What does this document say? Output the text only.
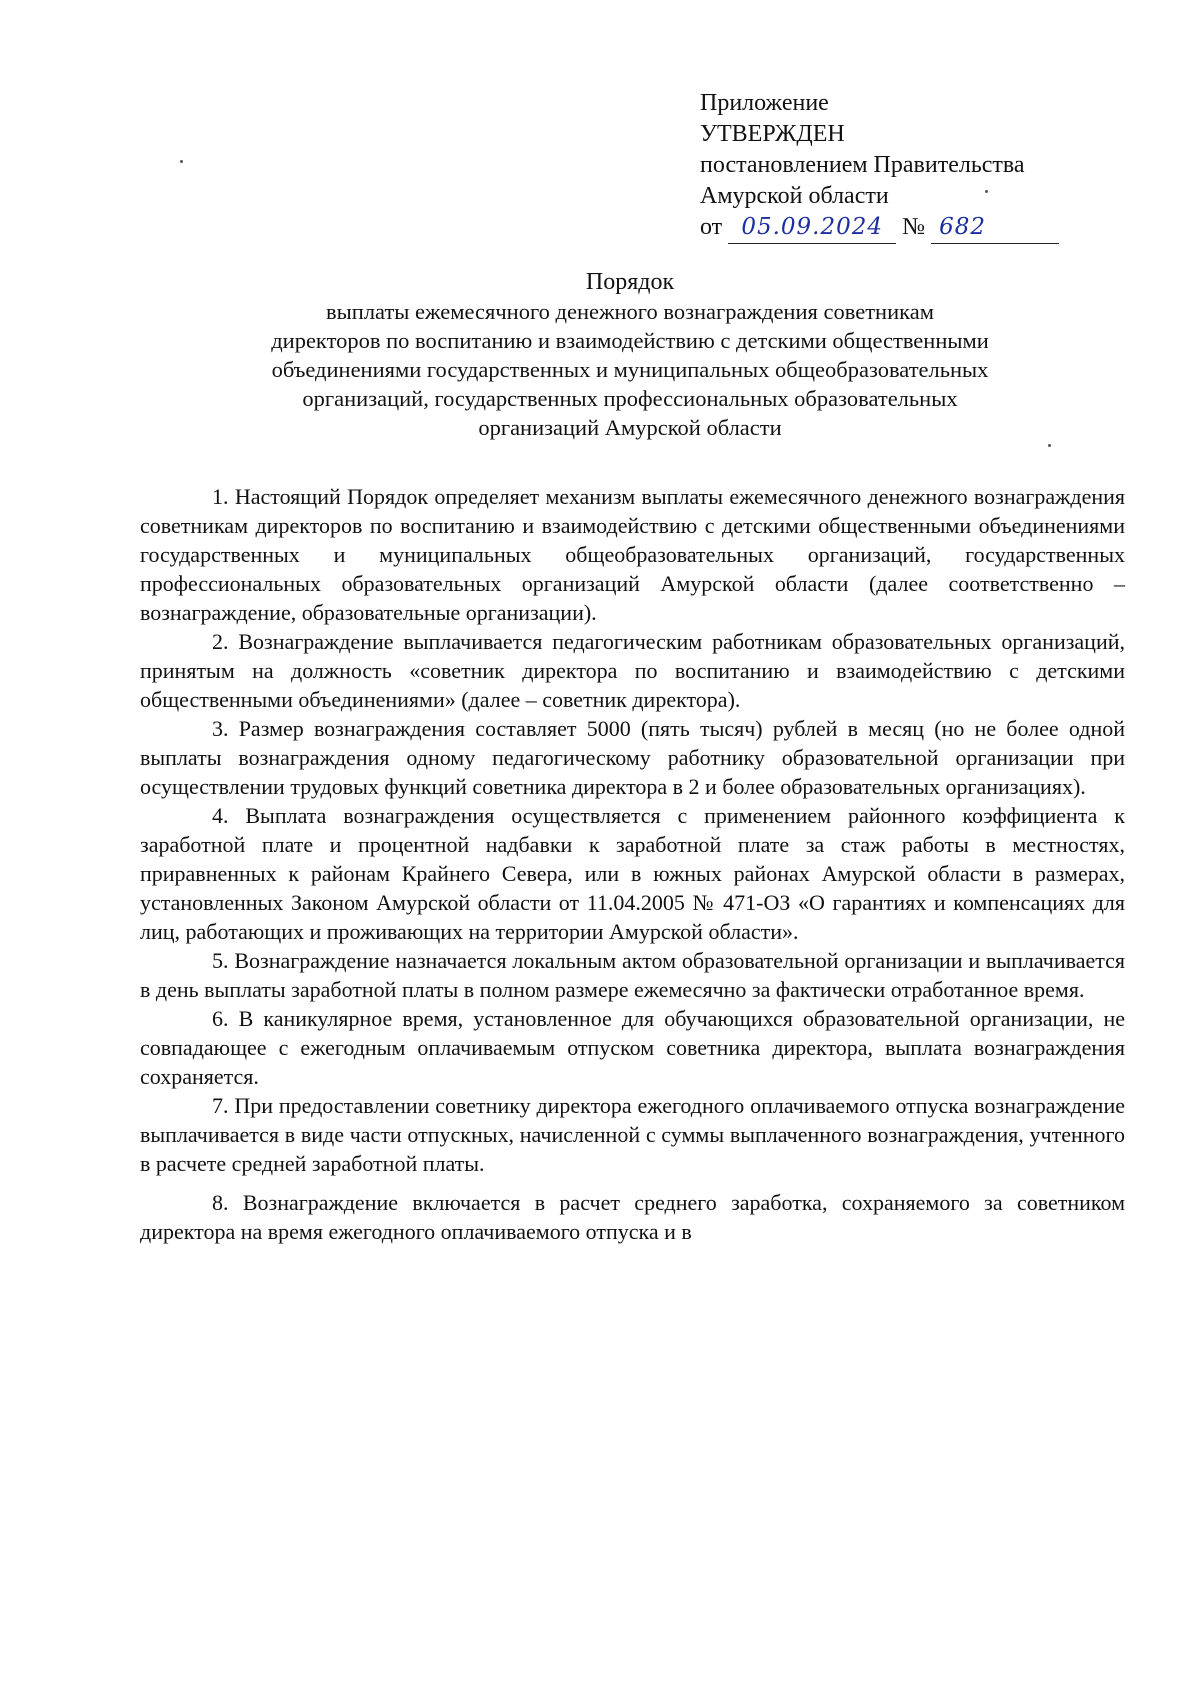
Приложение
УТВЕРЖДЕН
постановлением Правительства
Амурской области
от 05.09.2024 № 682
Порядок
выплаты ежемесячного денежного вознаграждения советникам
директоров по воспитанию и взаимодействию с детскими общественными
объединениями государственных и муниципальных общеобразовательных
организаций, государственных профессиональных образовательных
организаций Амурской области

1. Настоящий Порядок определяет механизм выплаты ежемесячного денежного вознаграждения советникам директоров по воспитанию и взаимодействию с детскими общественными объединениями государственных и муниципальных общеобразовательных организаций, государственных профессиональных образовательных организаций Амурской области (далее соответственно – вознаграждение, образовательные организации).

2. Вознаграждение выплачивается педагогическим работникам образовательных организаций, принятым на должность «советник директора по воспитанию и взаимодействию с детскими общественными объединениями» (далее – советник директора).

3. Размер вознаграждения составляет 5000 (пять тысяч) рублей в месяц (но не более одной выплаты вознаграждения одному педагогическому работнику образовательной организации при осуществлении трудовых функций советника директора в 2 и более образовательных организациях).

4. Выплата вознаграждения осуществляется с применением районного коэффициента к заработной плате и процентной надбавки к заработной плате за стаж работы в местностях, приравненных к районам Крайнего Севера, или в южных районах Амурской области в размерах, установленных Законом Амурской области от 11.04.2005 № 471-ОЗ «О гарантиях и компенсациях для лиц, работающих и проживающих на территории Амурской области».

5. Вознаграждение назначается локальным актом образовательной организации и выплачивается в день выплаты заработной платы в полном размере ежемесячно за фактически отработанное время.

6. В каникулярное время, установленное для обучающихся образовательной организации, не совпадающее с ежегодным оплачиваемым отпуском советника директора, выплата вознаграждения сохраняется.

7. При предоставлении советнику директора ежегодного оплачиваемого отпуска вознаграждение выплачивается в виде части отпускных, начисленной с суммы выплаченного вознаграждения, учтенного в расчете средней заработной платы.

8. Вознаграждение включается в расчет среднего заработка, сохраняемого за советником директора на время ежегодного оплачиваемого отпуска и в
